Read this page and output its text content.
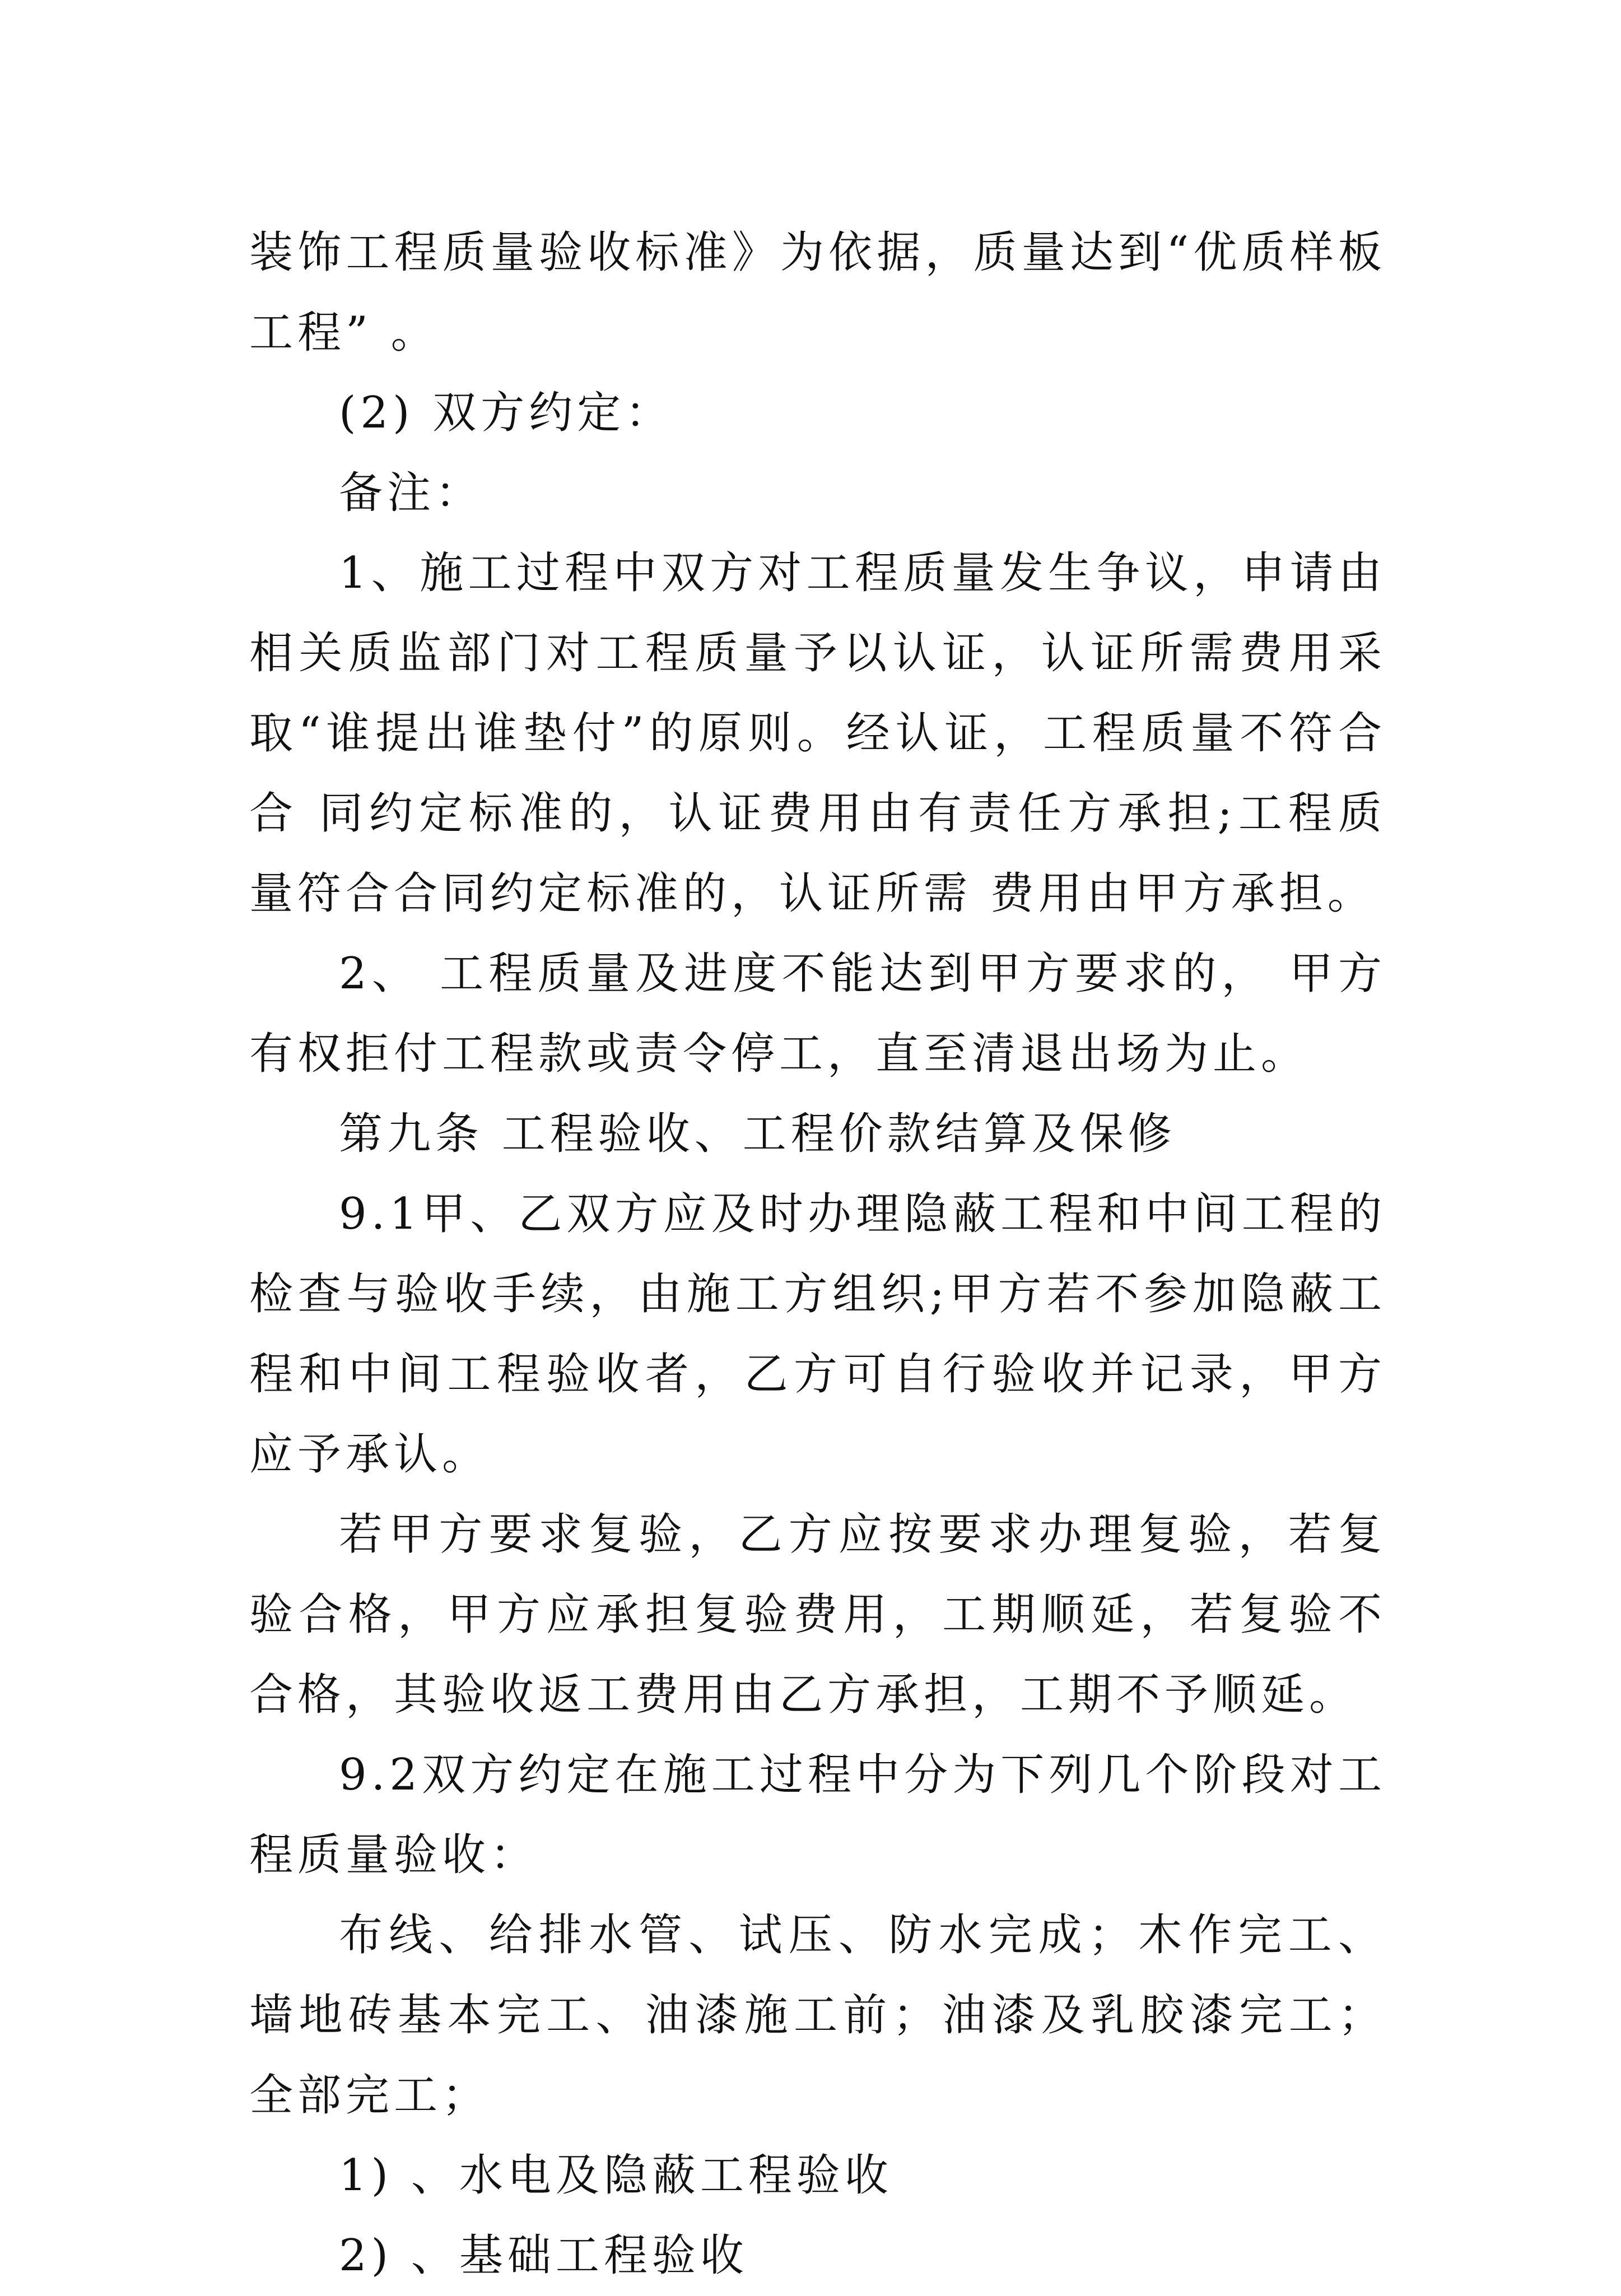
装饰工程质量验收标准》为依据，质量达到“优质样板工程” 。

(2) 双方约定：

备注：

1、施工过程中双方对工程质量发生争议，申请由相关质监部门对工程质量予以认证，认证所需费用采取“谁提出谁垫付”的原则。经认证，工程质量不符合合 同约定标准的，认证费用由有责任方承担;工程质量符合合同约定标准的，认证所需 费用由甲方承担。

2、 工程质量及进度不能达到甲方要求的， 甲方有权拒付工程款或责令停工，直至清退出场为止。

第九条 工程验收、工程价款结算及保修

9.1甲、乙双方应及时办理隐蔽工程和中间工程的检查与验收手续，由施工方组织;甲方若不参加隐蔽工程和中间工程验收者，乙方可自行验收并记录，甲方应予承认。

若甲方要求复验，乙方应按要求办理复验，若复验合格，甲方应承担复验费用，工期顺延，若复验不合格，其验收返工费用由乙方承担，工期不予顺延。

9.2双方约定在施工过程中分为下列几个阶段对工程质量验收：

布线、给排水管、试压、防水完成；木作完工、墙地砖基本完工、油漆施工前；油漆及乳胶漆完工；全部完工；

1) 、水电及隐蔽工程验收

2) 、基础工程验收
